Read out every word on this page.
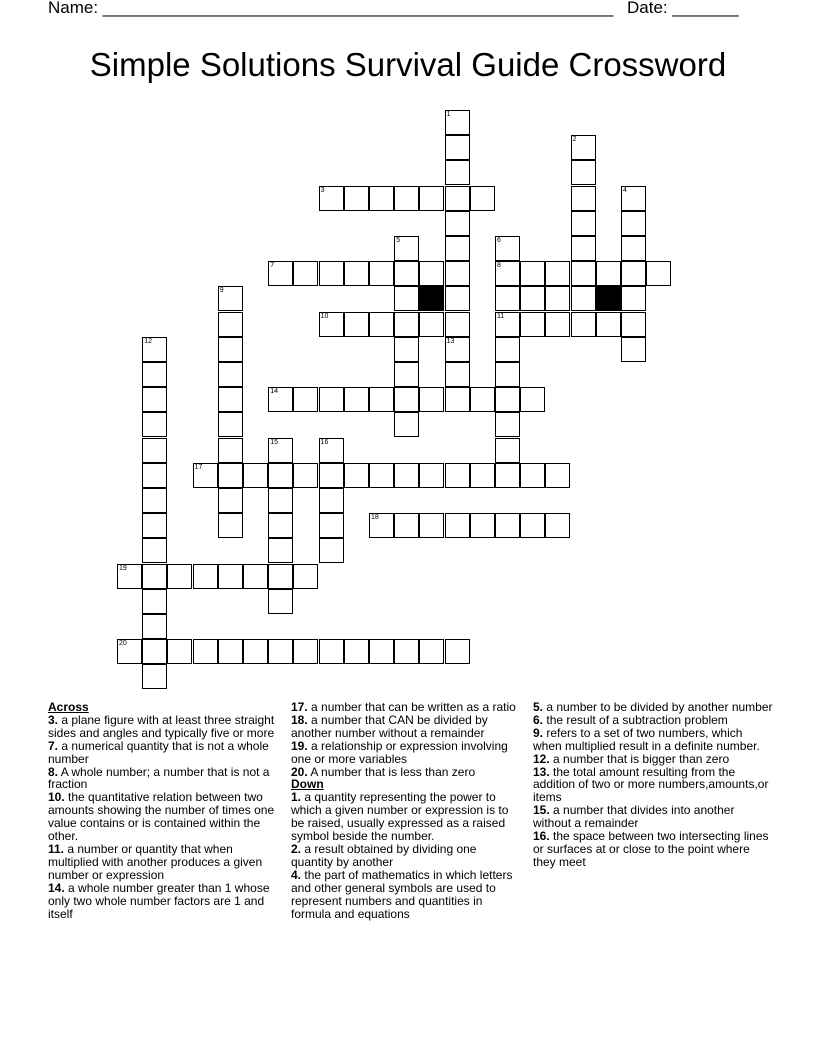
Name: ______________________________________________________ Date: _______
Simple Solutions Survival Guide Crossword
1
2
3	4
5	6
8
11
7
9
10
12	13
14
15	16
17
18
19
20
Across
3. a plane figure with at least three straight sides and angles and typically five or more
7. a numerical quantity that is not a whole number
8. A whole number; a number that is not a fraction
10. the quantitative relation between two amounts showing the number of times one value contains or is contained within the other.
11. a number or quantity that when multiplied with another produces a given number or expression
14. a whole number greater than 1 whose only two whole number factors are 1 and itself
17. a number that can be written as a ratio
18. a number that CAN be divided by another number without a remainder
19. a relationship or expression involving one or more variables
20. A number that is less than zero
Down
1. a quantity representing the power to which a given number or expression is to be raised, usually expressed as a raised symbol beside the number.
2. a result obtained by dividing one quantity by another
4. the part of mathematics in which letters and other general symbols are used to represent numbers and quantities in formula and equations
5. a number to be divided by another number
6. the result of a subtraction problem
9. refers to a set of two numbers, which when multiplied result in a definite number.
12. a number that is bigger than zero
13. the total amount resulting from the addition of two or more numbers,amounts,or items
15. a number that divides into another without a remainder
16. the space between two intersecting lines or surfaces at or close to the point where they meet
